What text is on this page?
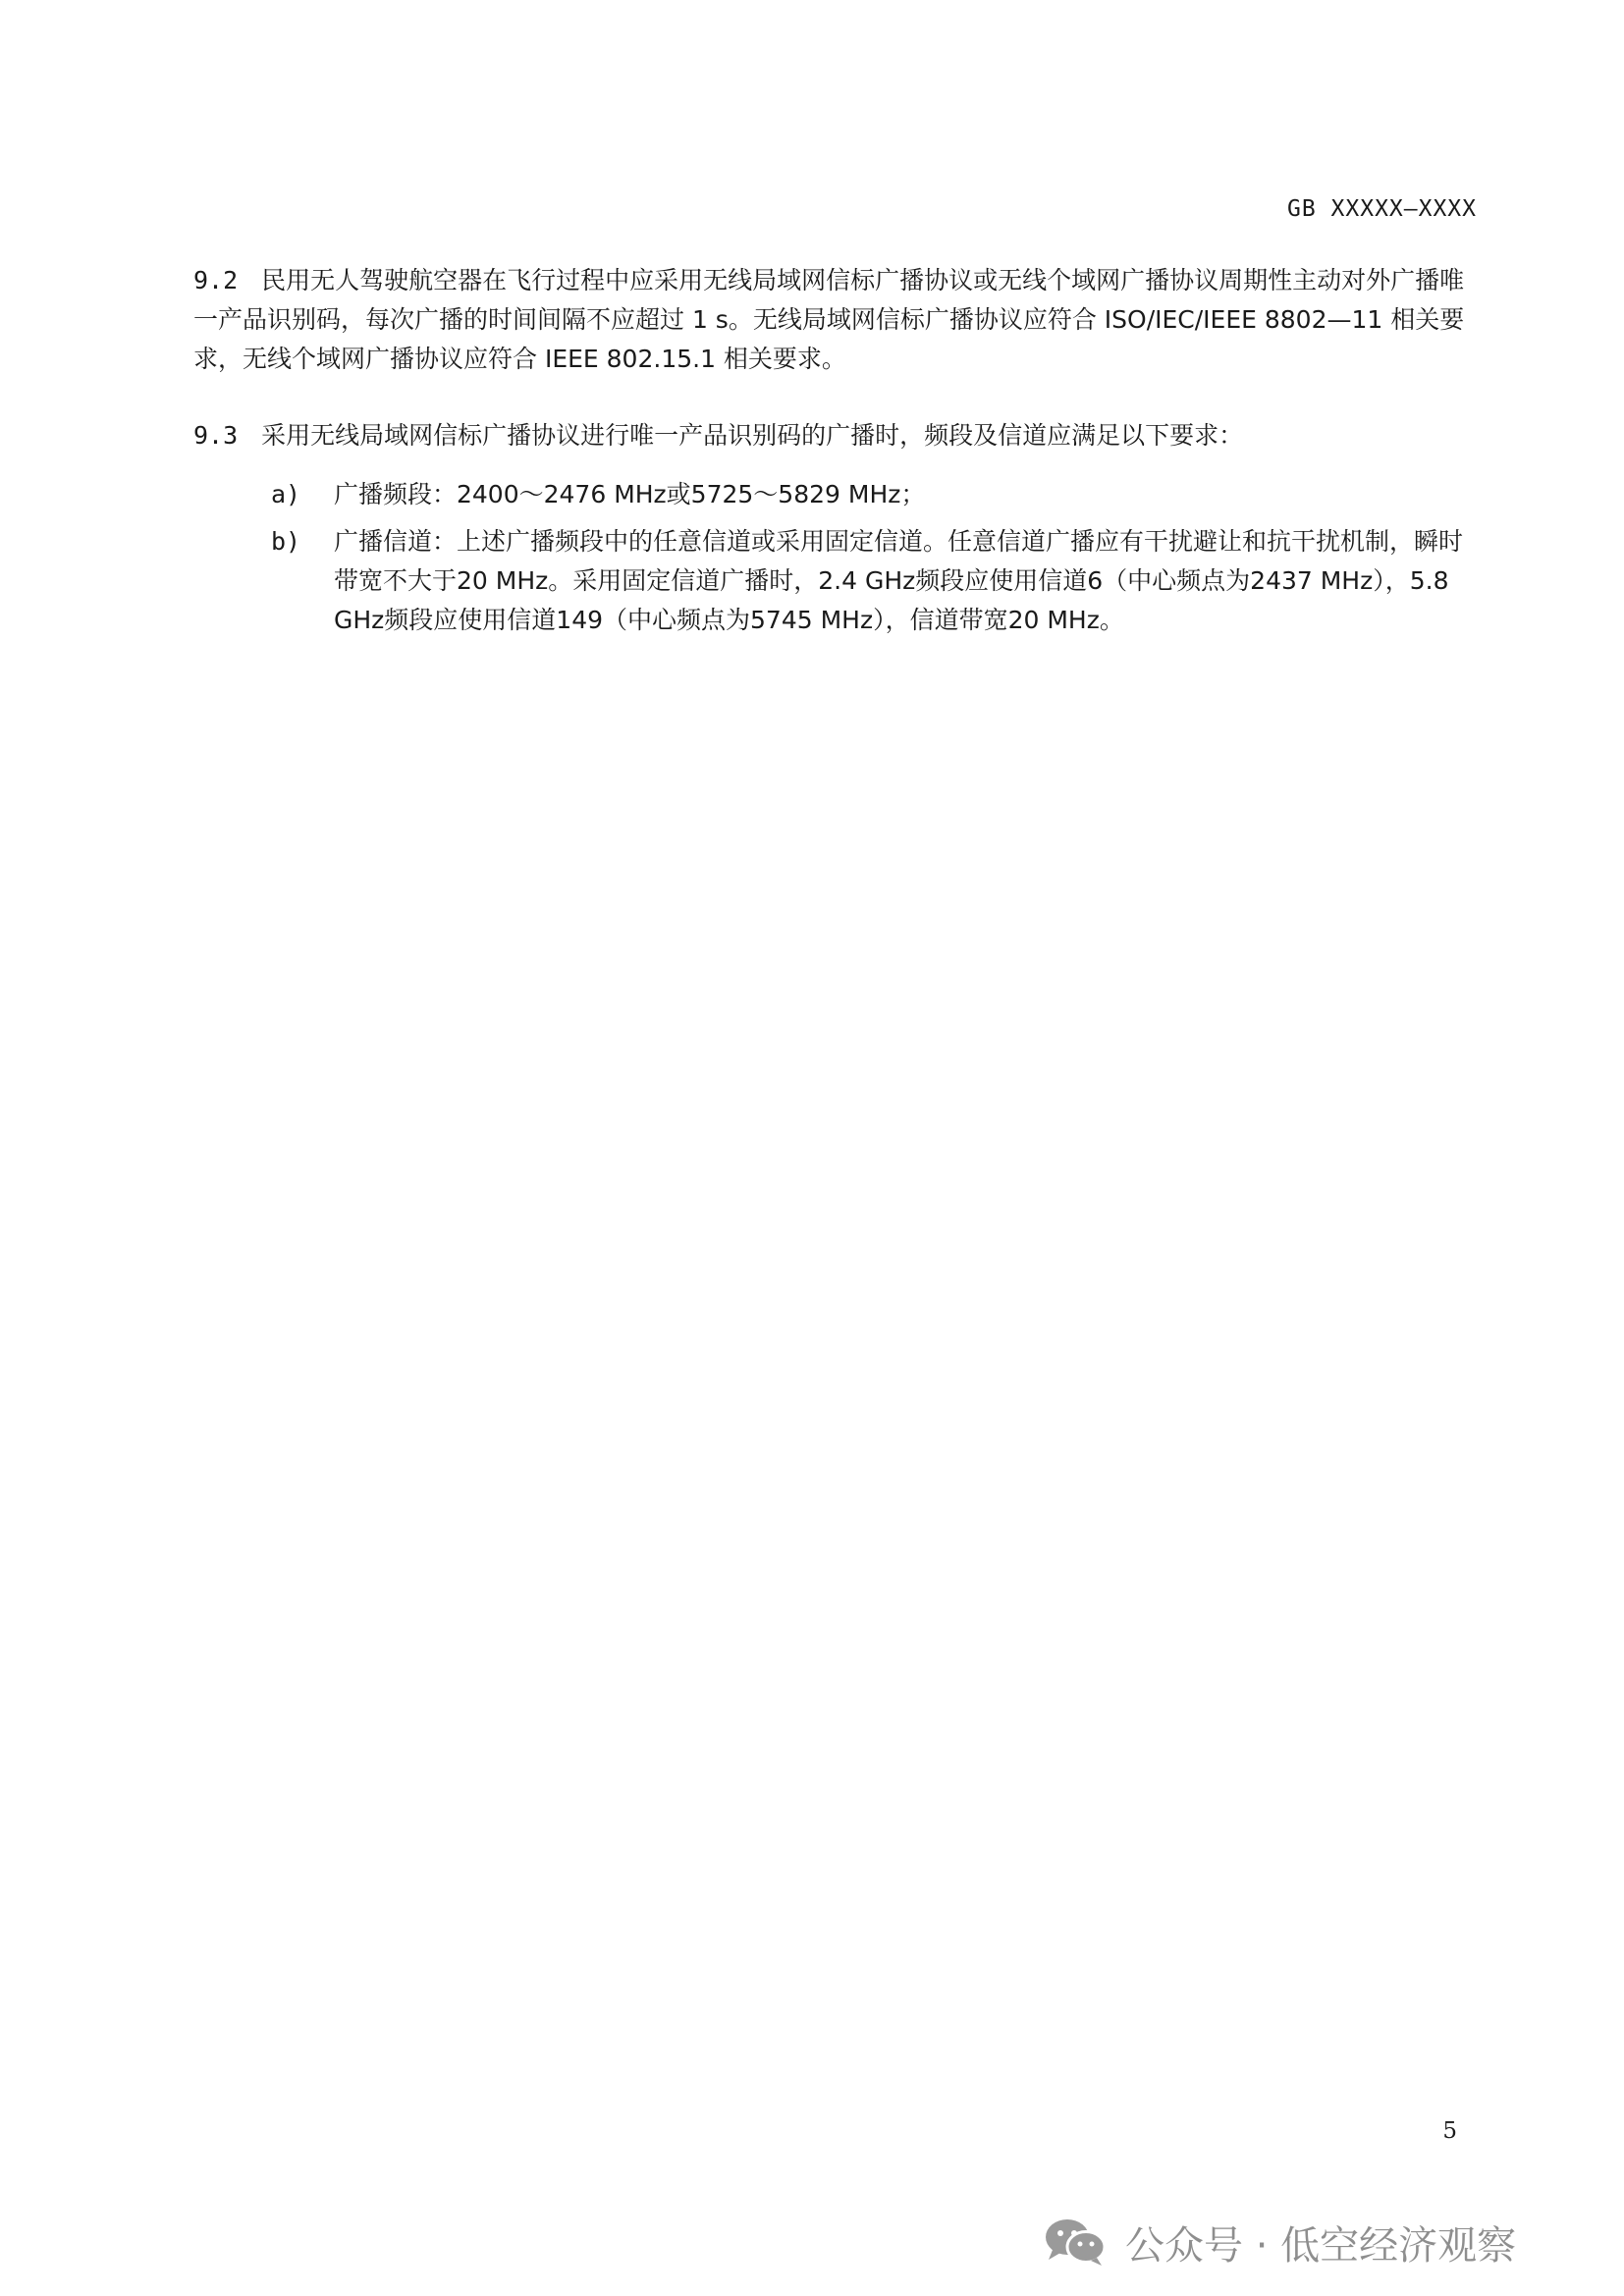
GB XXXXX—XXXX
9.2 民用无人驾驶航空器在飞行过程中应采用无线局域网信标广播协议或无线个域网广播协议周期性主动对外广播唯一产品识别码，每次广播的时间间隔不应超过 1 s。无线局域网信标广播协议应符合 ISO/IEC/IEEE 8802—11 相关要求，无线个域网广播协议应符合 IEEE 802.15.1 相关要求。
9.3 采用无线局域网信标广播协议进行唯一产品识别码的广播时，频段及信道应满足以下要求：
a) 广播频段：2400～2476 MHz或5725～5829 MHz；
b) 广播信道：上述广播频段中的任意信道或采用固定信道。任意信道广播应有干扰避让和抗干扰机制，瞬时带宽不大于20 MHz。采用固定信道广播时，2.4 GHz频段应使用信道6（中心频点为2437 MHz），5.8 GHz频段应使用信道149（中心频点为5745 MHz），信道带宽20 MHz。
5
公众号 · 低空经济观察
